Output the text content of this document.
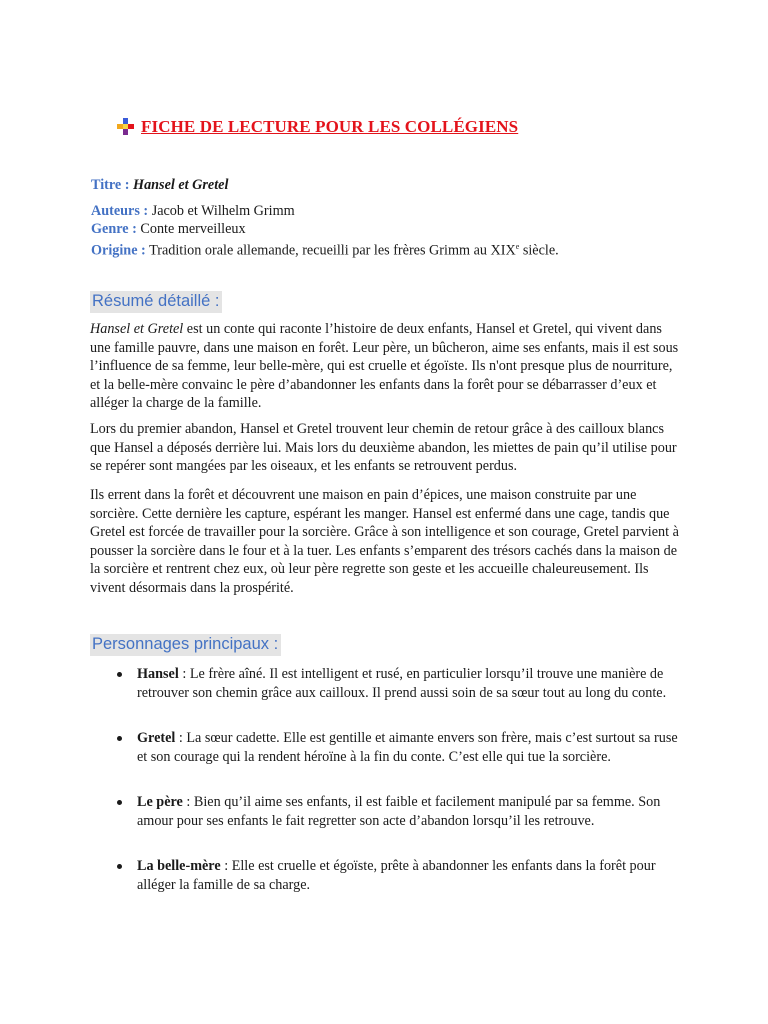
FICHE DE LECTURE POUR LES COLLÉGIENS
Titre : Hansel et Gretel
Auteurs : Jacob et Wilhelm Grimm
Genre : Conte merveilleux
Origine : Tradition orale allemande, recueilli par les frères Grimm au XIXe siècle.
Résumé détaillé :

Hansel et Gretel est un conte qui raconte l’histoire de deux enfants, Hansel et Gretel, qui vivent dans une famille pauvre, dans une maison en forêt. Leur père, un bûcheron, aime ses enfants, mais il est sous l’influence de sa femme, leur belle-mère, qui est cruelle et égoïste. Ils n'ont presque plus de nourriture, et la belle-mère convainc le père d’abandonner les enfants dans la forêt pour se débarrasser d’eux et alléger la charge de la famille.

Lors du premier abandon, Hansel et Gretel trouvent leur chemin de retour grâce à des cailloux blancs que Hansel a déposés derrière lui. Mais lors du deuxième abandon, les miettes de pain qu’il utilise pour se repérer sont mangées par les oiseaux, et les enfants se retrouvent perdus.

Ils errent dans la forêt et découvrent une maison en pain d’épices, une maison construite par une sorcière. Cette dernière les capture, espérant les manger. Hansel est enfermé dans une cage, tandis que Gretel est forcée de travailler pour la sorcière. Grâce à son intelligence et son courage, Gretel parvient à pousser la sorcière dans le four et à la tuer. Les enfants s’emparent des trésors cachés dans la maison de la sorcière et rentrent chez eux, où leur père regrette son geste et les accueille chaleureusement. Ils vivent désormais dans la prospérité.

Personnages principaux :
Hansel : Le frère aîné. Il est intelligent et rusé, en particulier lorsqu’il trouve une manière de retrouver son chemin grâce aux cailloux. Il prend aussi soin de sa sœur tout au long du conte.
Gretel : La sœur cadette. Elle est gentille et aimante envers son frère, mais c’est surtout sa ruse et son courage qui la rendent héroïne à la fin du conte. C’est elle qui tue la sorcière.
Le père : Bien qu’il aime ses enfants, il est faible et facilement manipulé par sa femme. Son amour pour ses enfants le fait regretter son acte d’abandon lorsqu’il les retrouve.
La belle-mère : Elle est cruelle et égoïste, prête à abandonner les enfants dans la forêt pour alléger la famille de sa charge.
